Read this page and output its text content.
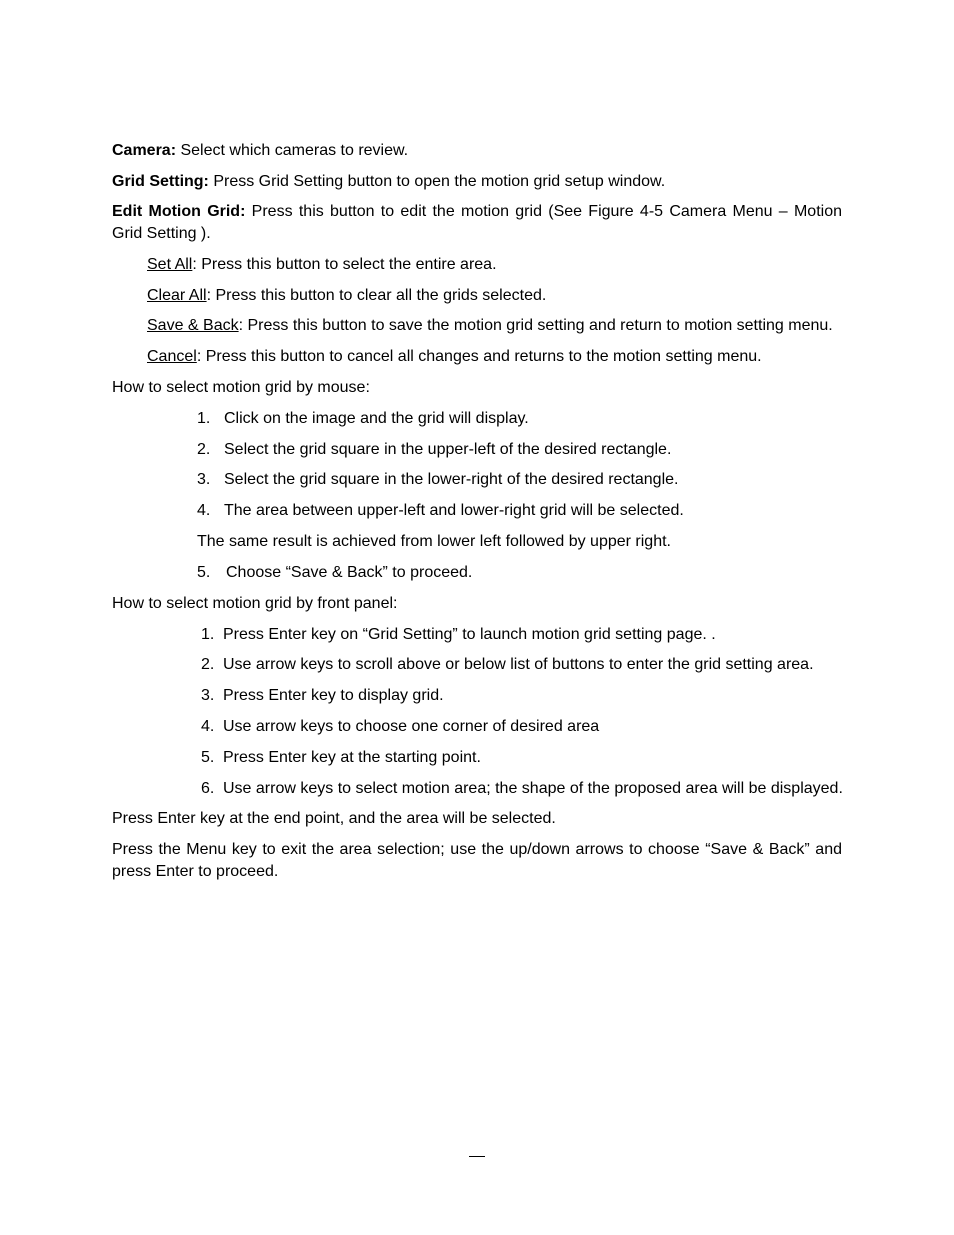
Camera: Select which cameras to review.
Grid Setting: Press Grid Setting button to open the motion grid setup window.
Edit Motion Grid: Press this button to edit the motion grid (See Figure 4-5 Camera Menu – Motion Grid Setting ).
Set All: Press this button to select the entire area.
Clear All: Press this button to clear all the grids selected.
Save & Back: Press this button to save the motion grid setting and return to motion setting menu.
Cancel: Press this button to cancel all changes and returns to the motion setting menu.
How to select motion grid by mouse:
1. Click on the image and the grid will display.
2. Select the grid square in the upper-left of the desired rectangle.
3. Select the grid square in the lower-right of the desired rectangle.
4. The area between upper-left and lower-right grid will be selected.
The same result is achieved from lower left followed by upper right.
5. Choose “Save & Back” to proceed.
How to select motion grid by front panel:
1. Press Enter key on “Grid Setting” to launch motion grid setting page. .
2. Use arrow keys to scroll above or below list of buttons to enter the grid setting area.
3. Press Enter key to display grid.
4. Use arrow keys to choose one corner of desired area
5. Press Enter key at the starting point.
6. Use arrow keys to select motion area; the shape of the proposed area will be displayed.
Press Enter key at the end point, and the area will be selected.
Press the Menu key to exit the area selection; use the up/down arrows to choose “Save & Back” and press Enter to proceed.
